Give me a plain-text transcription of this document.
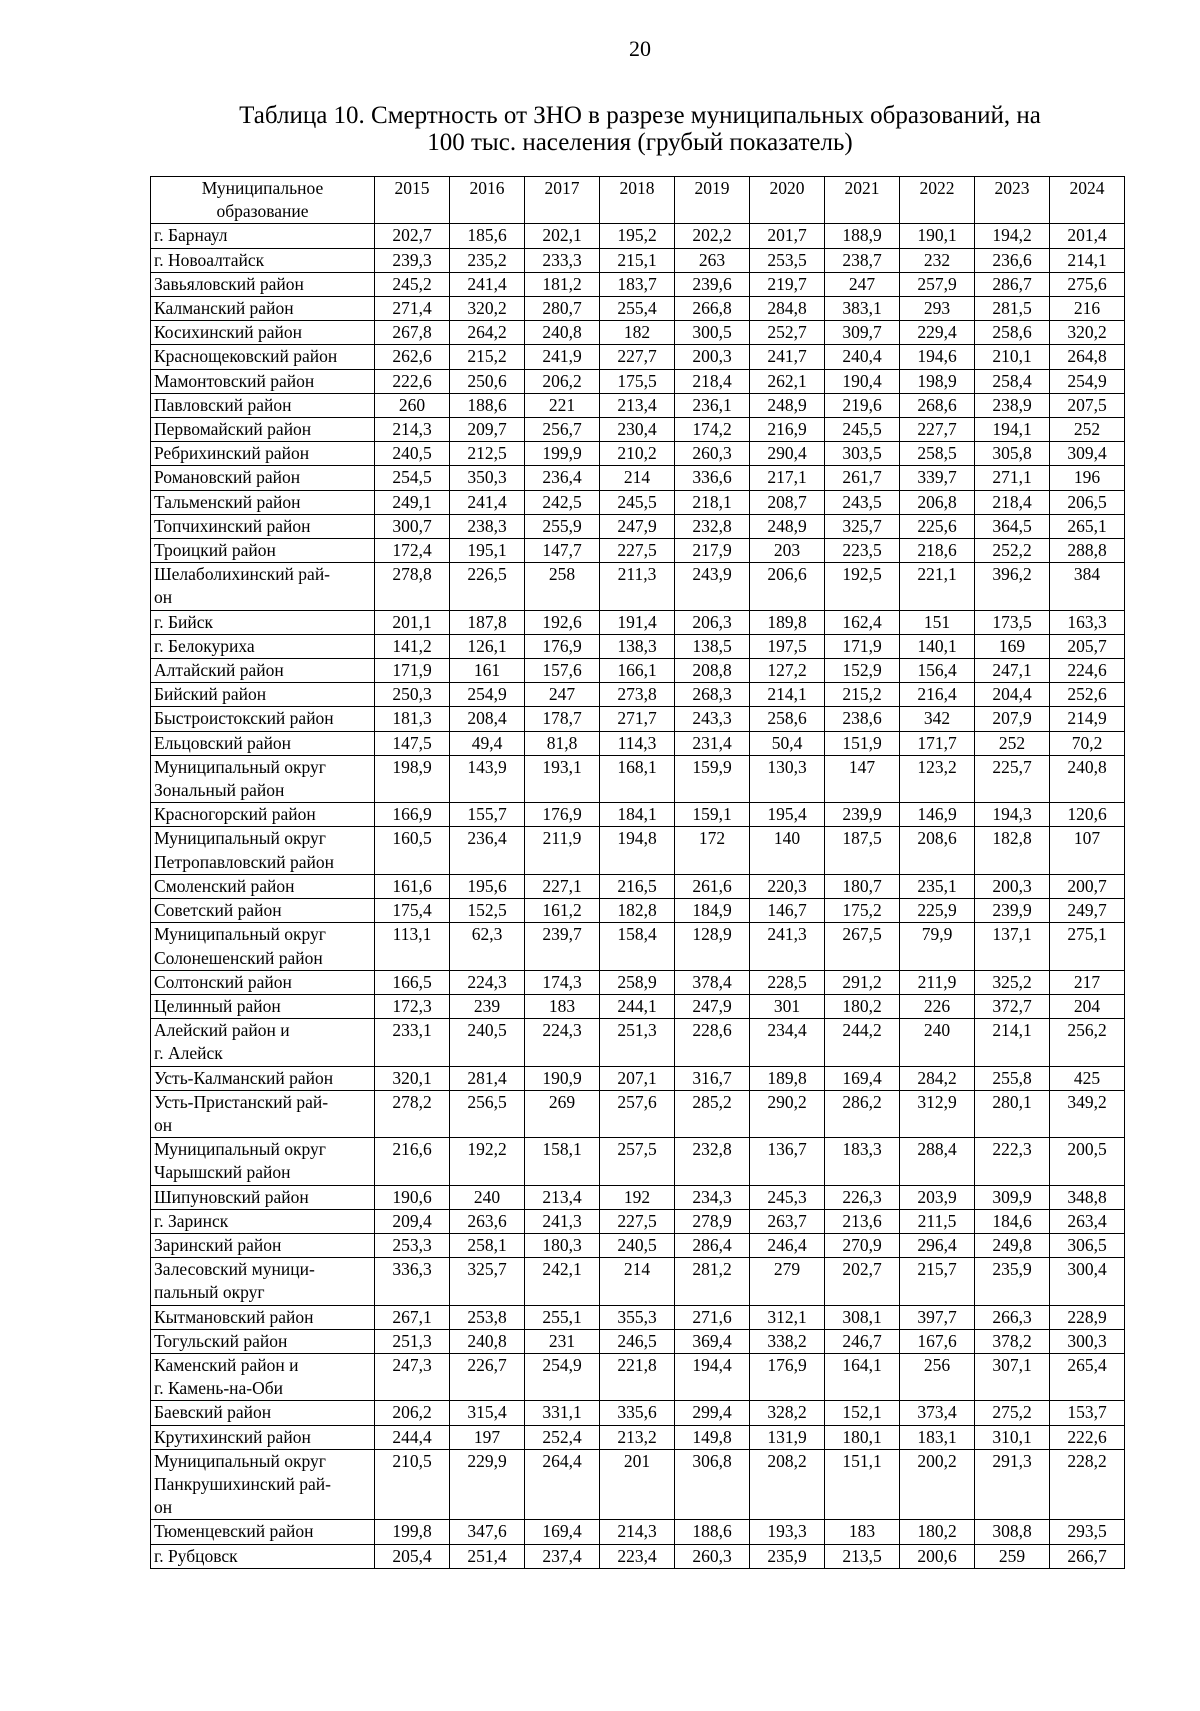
20
Таблица 10. Смертность от ЗНО в разрезе муниципальных образований, на
100 тыс. населения (грубый показатель)
Муниципальное образование	2015	2016	2017	2018	2019	2020	2021	2022	2023	2024
г. Барнаул	202,7	185,6	202,1	195,2	202,2	201,7	188,9	190,1	194,2	201,4
г. Новоалтайск	239,3	235,2	233,3	215,1	263	253,5	238,7	232	236,6	214,1
Завьяловский район	245,2	241,4	181,2	183,7	239,6	219,7	247	257,9	286,7	275,6
Калманский район	271,4	320,2	280,7	255,4	266,8	284,8	383,1	293	281,5	216
Косихинский район	267,8	264,2	240,8	182	300,5	252,7	309,7	229,4	258,6	320,2
Краснощековский район	262,6	215,2	241,9	227,7	200,3	241,7	240,4	194,6	210,1	264,8
Мамонтовский район	222,6	250,6	206,2	175,5	218,4	262,1	190,4	198,9	258,4	254,9
Павловский район	260	188,6	221	213,4	236,1	248,9	219,6	268,6	238,9	207,5
Первомайский район	214,3	209,7	256,7	230,4	174,2	216,9	245,5	227,7	194,1	252
Ребрихинский район	240,5	212,5	199,9	210,2	260,3	290,4	303,5	258,5	305,8	309,4
Романовский район	254,5	350,3	236,4	214	336,6	217,1	261,7	339,7	271,1	196
Тальменский район	249,1	241,4	242,5	245,5	218,1	208,7	243,5	206,8	218,4	206,5
Топчихинский район	300,7	238,3	255,9	247,9	232,8	248,9	325,7	225,6	364,5	265,1
Троицкий район	172,4	195,1	147,7	227,5	217,9	203	223,5	218,6	252,2	288,8
Шелаболихинский рай-
он	278,8	226,5	258	211,3	243,9	206,6	192,5	221,1	396,2	384
г. Бийск	201,1	187,8	192,6	191,4	206,3	189,8	162,4	151	173,5	163,3
г. Белокуриха	141,2	126,1	176,9	138,3	138,5	197,5	171,9	140,1	169	205,7
Алтайский район	171,9	161	157,6	166,1	208,8	127,2	152,9	156,4	247,1	224,6
Бийский район	250,3	254,9	247	273,8	268,3	214,1	215,2	216,4	204,4	252,6
Быстроистокский район	181,3	208,4	178,7	271,7	243,3	258,6	238,6	342	207,9	214,9
Ельцовский район	147,5	49,4	81,8	114,3	231,4	50,4	151,9	171,7	252	70,2
Муниципальный округ
Зональный район	198,9	143,9	193,1	168,1	159,9	130,3	147	123,2	225,7	240,8
Красногорский район	166,9	155,7	176,9	184,1	159,1	195,4	239,9	146,9	194,3	120,6
Муниципальный округ
Петропавловский район	160,5	236,4	211,9	194,8	172	140	187,5	208,6	182,8	107
Смоленский район	161,6	195,6	227,1	216,5	261,6	220,3	180,7	235,1	200,3	200,7
Советский район	175,4	152,5	161,2	182,8	184,9	146,7	175,2	225,9	239,9	249,7
Муниципальный округ
Солонешенский район	113,1	62,3	239,7	158,4	128,9	241,3	267,5	79,9	137,1	275,1
Солтонский район	166,5	224,3	174,3	258,9	378,4	228,5	291,2	211,9	325,2	217
Целинный район	172,3	239	183	244,1	247,9	301	180,2	226	372,7	204
Алейский район и
г. Алейск	233,1	240,5	224,3	251,3	228,6	234,4	244,2	240	214,1	256,2
Усть-Калманский район	320,1	281,4	190,9	207,1	316,7	189,8	169,4	284,2	255,8	425
Усть-Пристанский рай-
он	278,2	256,5	269	257,6	285,2	290,2	286,2	312,9	280,1	349,2
Муниципальный округ
Чарышский район	216,6	192,2	158,1	257,5	232,8	136,7	183,3	288,4	222,3	200,5
Шипуновский район	190,6	240	213,4	192	234,3	245,3	226,3	203,9	309,9	348,8
г. Заринск	209,4	263,6	241,3	227,5	278,9	263,7	213,6	211,5	184,6	263,4
Заринский район	253,3	258,1	180,3	240,5	286,4	246,4	270,9	296,4	249,8	306,5
Залесовский муници-
пальный округ	336,3	325,7	242,1	214	281,2	279	202,7	215,7	235,9	300,4
Кытмановский район	267,1	253,8	255,1	355,3	271,6	312,1	308,1	397,7	266,3	228,9
Тогульский район	251,3	240,8	231	246,5	369,4	338,2	246,7	167,6	378,2	300,3
Каменский район и
г. Камень-на-Оби	247,3	226,7	254,9	221,8	194,4	176,9	164,1	256	307,1	265,4
Баевский район	206,2	315,4	331,1	335,6	299,4	328,2	152,1	373,4	275,2	153,7
Крутихинский район	244,4	197	252,4	213,2	149,8	131,9	180,1	183,1	310,1	222,6
Муниципальный округ
Панкрушихинский рай-
он	210,5	229,9	264,4	201	306,8	208,2	151,1	200,2	291,3	228,2
Тюменцевский район	199,8	347,6	169,4	214,3	188,6	193,3	183	180,2	308,8	293,5
г. Рубцовск	205,4	251,4	237,4	223,4	260,3	235,9	213,5	200,6	259	266,7
